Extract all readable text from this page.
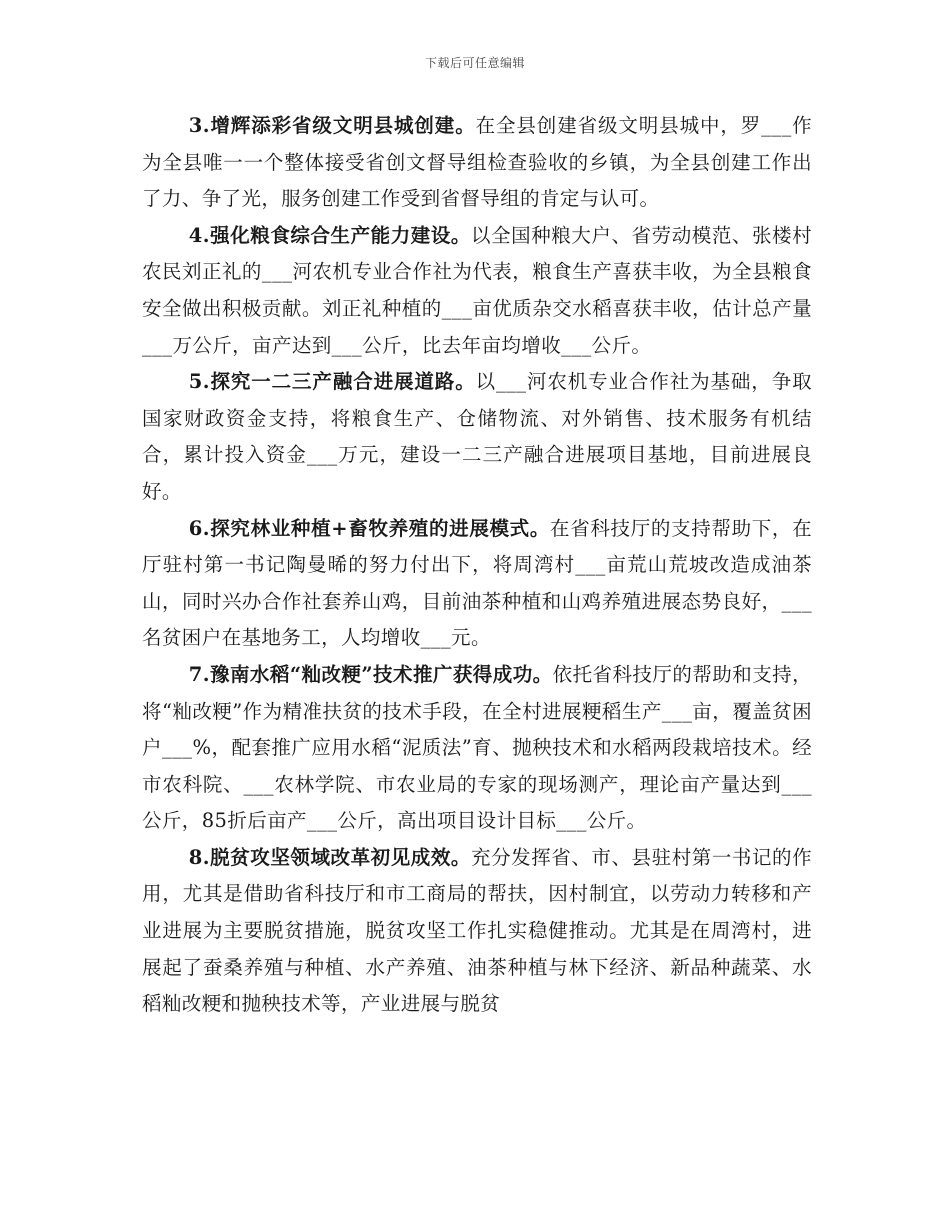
下载后可任意编辑

3.增辉添彩省级文明县城创建。在全县创建省级文明县城中，罗___作为全县唯一一个整体接受省创文督导组检查验收的乡镇，为全县创建工作出了力、争了光，服务创建工作受到省督导组的肯定与认可。

4.强化粮食综合生产能力建设。以全国种粮大户、省劳动模范、张楼村农民刘正礼的___河农机专业合作社为代表，粮食生产喜获丰收，为全县粮食安全做出积极贡献。刘正礼种植的___亩优质杂交水稻喜获丰收，估计总产量___万公斤，亩产达到___公斤，比去年亩均增收___公斤。

5.探究一二三产融合进展道路。以___河农机专业合作社为基础，争取国家财政资金支持，将粮食生产、仓储物流、对外销售、技术服务有机结合，累计投入资金___万元，建设一二三产融合进展项目基地，目前进展良好。

6.探究林业种植+畜牧养殖的进展模式。在省科技厅的支持帮助下，在厅驻村第一书记陶曼晞的努力付出下，将周湾村___亩荒山荒坡改造成油茶山，同时兴办合作社套养山鸡，目前油茶种植和山鸡养殖进展态势良好，___名贫困户在基地务工，人均增收___元。

7.豫南水稻“籼改粳”技术推广获得成功。依托省科技厅的帮助和支持，将“籼改粳”作为精准扶贫的技术手段，在全村进展粳稻生产___亩，覆盖贫困户___%，配套推广应用水稻“泥质法”育、抛秧技术和水稻两段栽培技术。经市农科院、___农林学院、市农业局的专家的现场测产，理论亩产量达到___公斤，85折后亩产___公斤，高出项目设计目标___公斤。

8.脱贫攻坚领域改革初见成效。充分发挥省、市、县驻村第一书记的作用，尤其是借助省科技厅和市工商局的帮扶，因村制宜，以劳动力转移和产业进展为主要脱贫措施，脱贫攻坚工作扎实稳健推动。尤其是在周湾村，进展起了蚕桑养殖与种植、水产养殖、油茶种植与林下经济、新品种蔬菜、水稻籼改粳和抛秧技术等，产业进展与脱贫
